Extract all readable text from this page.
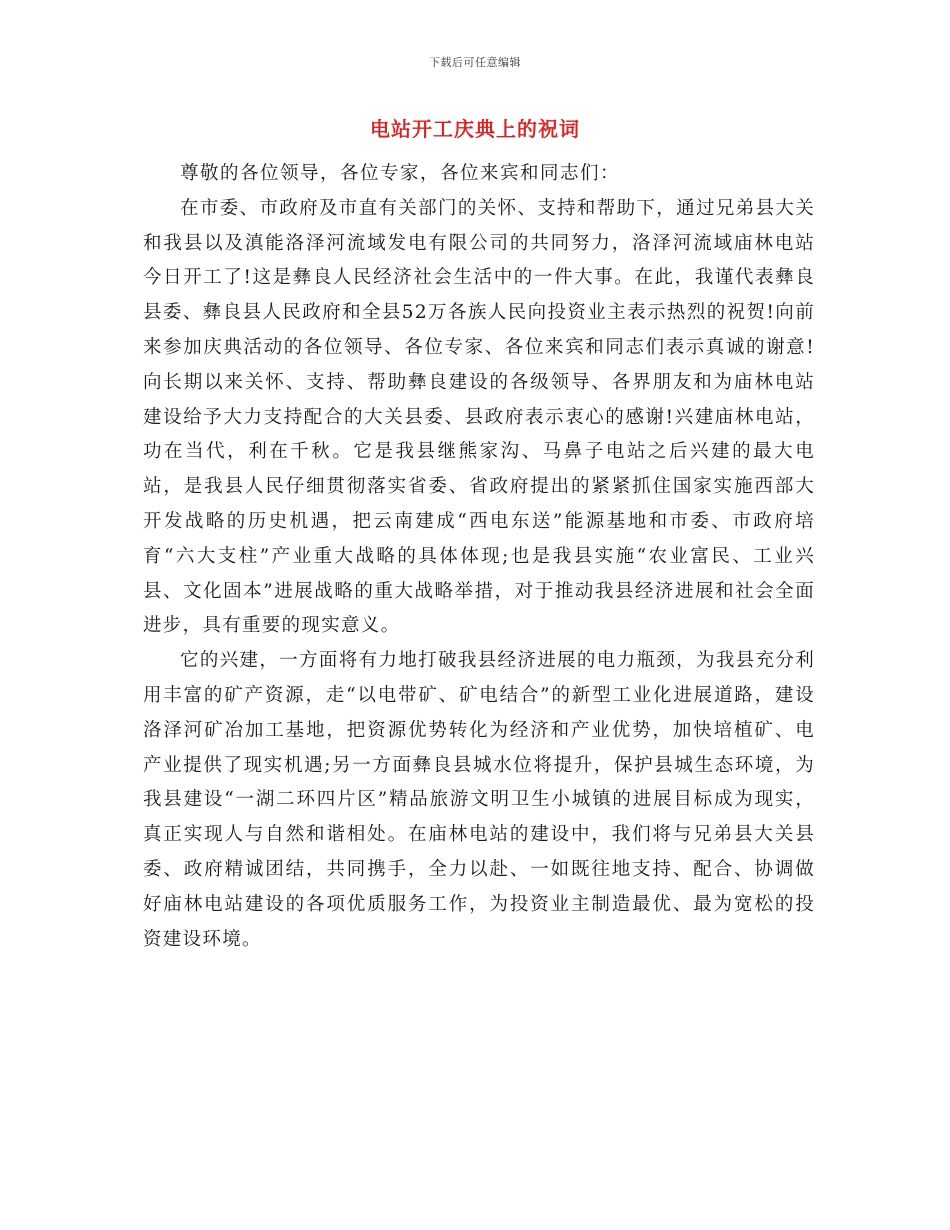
下载后可任意编辑
电站开工庆典上的祝词

尊敬的各位领导，各位专家，各位来宾和同志们：

在市委、市政府及市直有关部门的关怀、支持和帮助下，通过兄弟县大关和我县以及滇能洛泽河流域发电有限公司的共同努力，洛泽河流域庙林电站今日开工了!这是彝良人民经济社会生活中的一件大事。在此，我谨代表彝良县委、彝良县人民政府和全县52万各族人民向投资业主表示热烈的祝贺!向前来参加庆典活动的各位领导、各位专家、各位来宾和同志们表示真诚的谢意!向长期以来关怀、支持、帮助彝良建设的各级领导、各界朋友和为庙林电站建设给予大力支持配合的大关县委、县政府表示衷心的感谢!兴建庙林电站，功在当代，利在千秋。它是我县继熊家沟、马鼻子电站之后兴建的最大电站，是我县人民仔细贯彻落实省委、省政府提出的紧紧抓住国家实施西部大开发战略的历史机遇，把云南建成“西电东送”能源基地和市委、市政府培育“六大支柱”产业重大战略的具体体现;也是我县实施“农业富民、工业兴县、文化固本”进展战略的重大战略举措，对于推动我县经济进展和社会全面进步，具有重要的现实意义。

它的兴建，一方面将有力地打破我县经济进展的电力瓶颈，为我县充分利用丰富的矿产资源，走“以电带矿、矿电结合”的新型工业化进展道路，建设洛泽河矿冶加工基地，把资源优势转化为经济和产业优势，加快培植矿、电产业提供了现实机遇;另一方面彝良县城水位将提升，保护县城生态环境，为我县建设“一湖二环四片区”精品旅游文明卫生小城镇的进展目标成为现实，真正实现人与自然和谐相处。在庙林电站的建设中，我们将与兄弟县大关县委、政府精诚团结，共同携手，全力以赴、一如既往地支持、配合、协调做好庙林电站建设的各项优质服务工作，为投资业主制造最优、最为宽松的投资建设环境。
